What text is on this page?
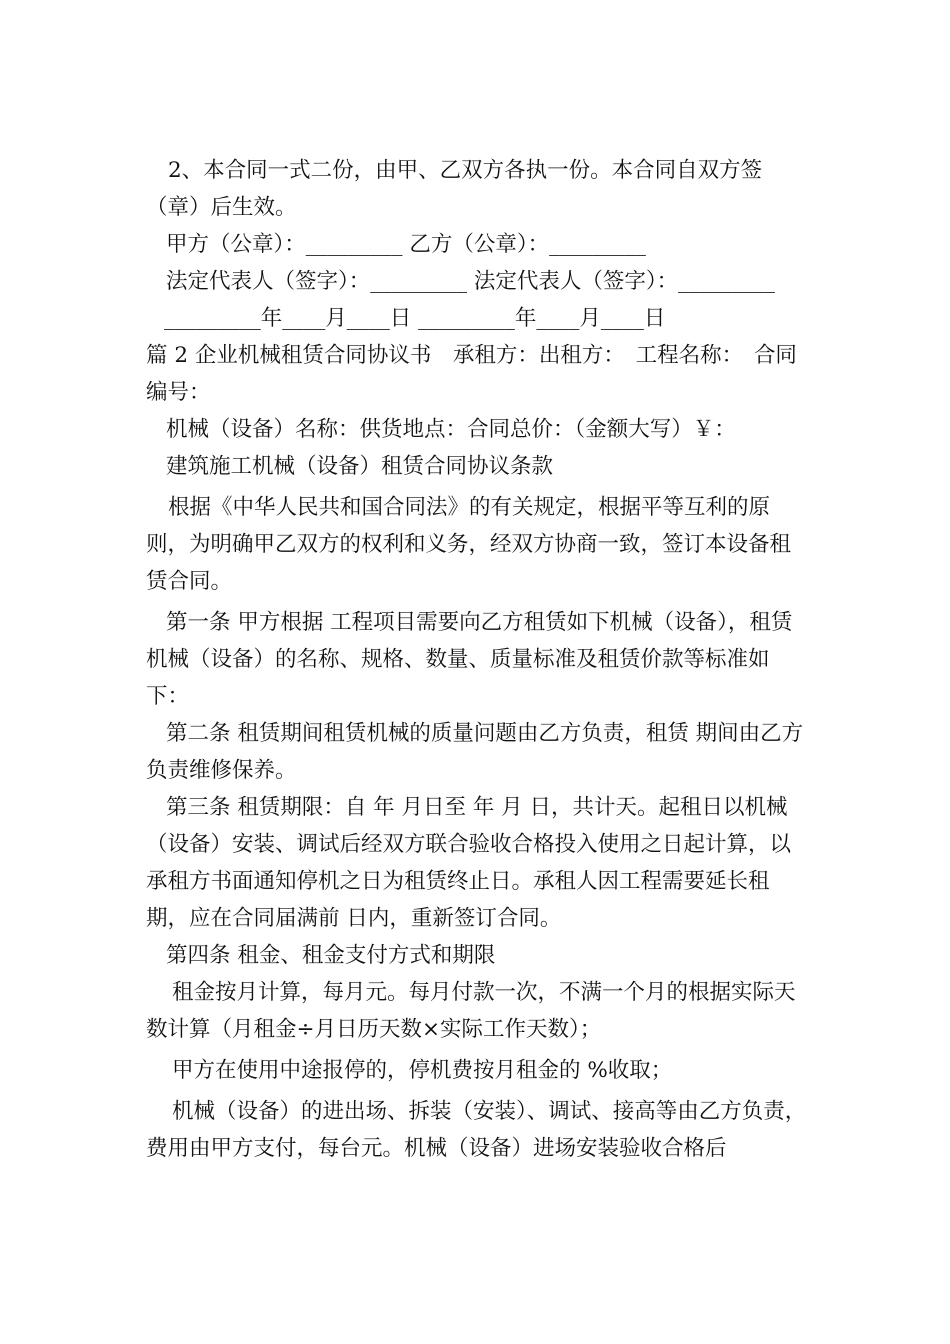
2、本合同一式二份，由甲、乙双方各执一份。本合同自双方签（章）后生效。

甲方（公章）：_________ 乙方（公章）：_________

法定代表人（签字）：_________ 法定代表人（签字）：_________

_________年____月____日 _________年____月____日

篇 2 企业机械租赁合同协议书　承租方：出租方：　工程名称：　合同编号：

机械（设备）名称：供货地点：合同总价：（金额大写）￥：

建筑施工机械（设备）租赁合同协议条款

根据《中华人民共和国合同法》的有关规定，根据平等互利的原则，为明确甲乙双方的权利和义务，经双方协商一致，签订本设备租赁合同。

第一条 甲方根据 工程项目需要向乙方租赁如下机械（设备），租赁机械（设备）的名称、规格、数量、质量标准及租赁价款等标准如下：

第二条 租赁期间租赁机械的质量问题由乙方负责，租赁 期间由乙方负责维修保养。

第三条 租赁期限：自 年 月日至 年 月 日，共计天。起租日以机械（设备）安装、调试后经双方联合验收合格投入使用之日起计算，以承租方书面通知停机之日为租赁终止日。承租人因工程需要延长租期，应在合同届满前 日内，重新签订合同。

第四条 租金、租金支付方式和期限

租金按月计算，每月元。每月付款一次，不满一个月的根据实际天数计算（月租金÷月日历天数×实际工作天数）；

甲方在使用中途报停的，停机费按月租金的 %收取；

机械（设备）的进出场、拆装（安装）、调试、接高等由乙方负责，费用由甲方支付，每台元。机械（设备）进场安装验收合格后
